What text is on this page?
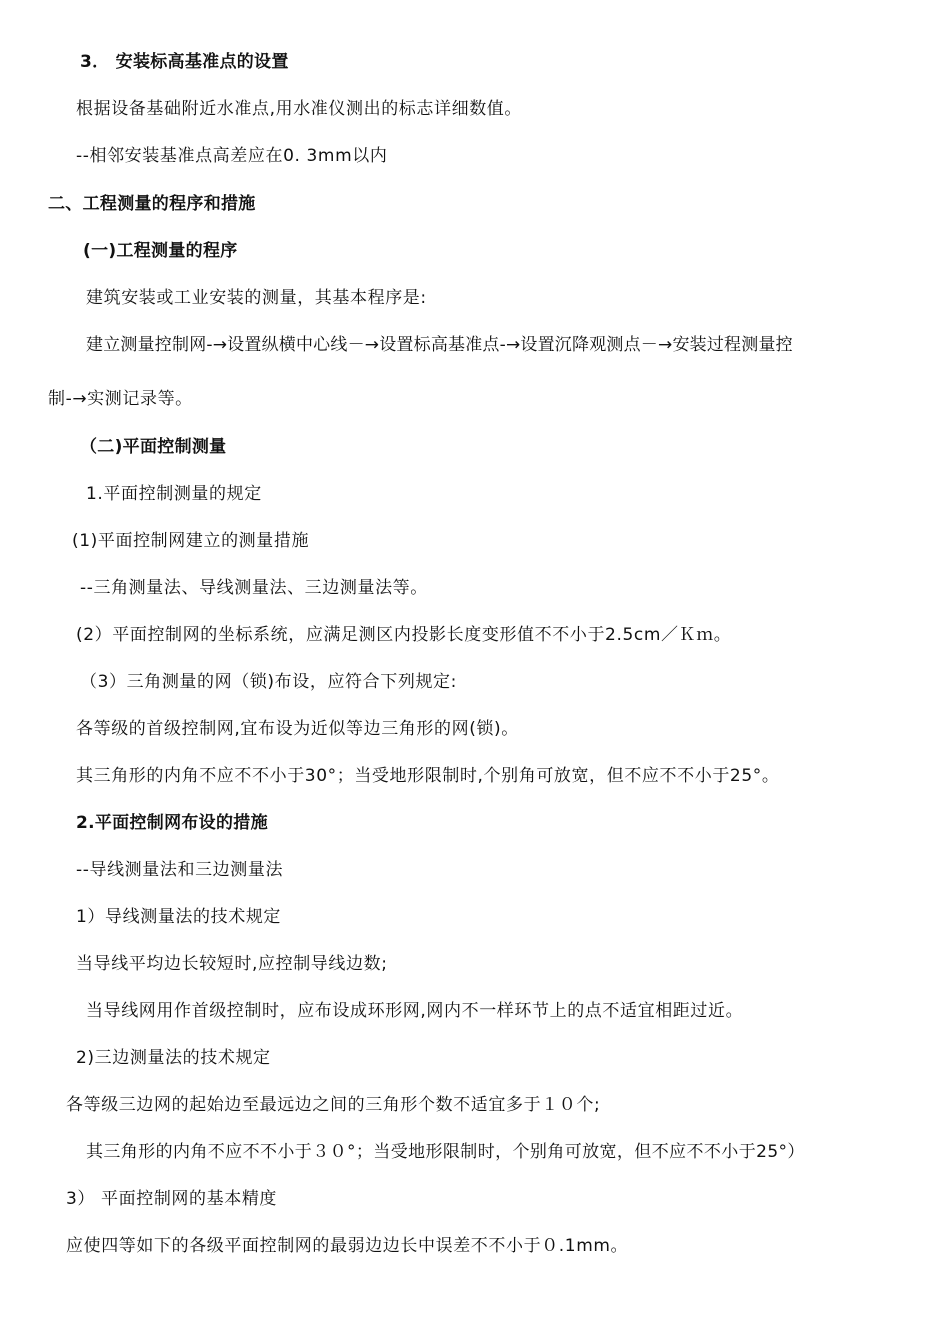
3． 安装标高基准点的设置
根据设备基础附近水准点,用水准仪测出的标志详细数值。
--相邻安装基准点高差应在0. 3mm以内
二、工程测量的程序和措施
(一)工程测量的程序
建筑安装或工业安装的测量，其基本程序是:
建立测量控制网-→设置纵横中心线－→设置标高基准点-→设置沉降观测点－→安装过程测量控
制-→实测记录等。
（二)平面控制测量
1.平面控制测量的规定
(1)平面控制网建立的测量措施
--三角测量法、导线测量法、三边测量法等。
(2）平面控制网的坐标系统，应满足测区内投影长度变形值不不小于2.5cm／Ｋｍ。
（3）三角测量的网（锁)布设，应符合下列规定:
各等级的首级控制网,宜布设为近似等边三角形的网(锁)。
其三角形的内角不应不不小于30°；当受地形限制时,个别角可放宽，但不应不不小于25°。
2.平面控制网布设的措施
--导线测量法和三边测量法
1）导线测量法的技术规定
当导线平均边长较短时,应控制导线边数;
当导线网用作首级控制时，应布设成环形网,网内不一样环节上的点不适宜相距过近。
2)三边测量法的技术规定
各等级三边网的起始边至最远边之间的三角形个数不适宜多于１０个;
其三角形的内角不应不不小于３０°；当受地形限制时，个别角可放宽，但不应不不小于25°）
3） 平面控制网的基本精度
应使四等如下的各级平面控制网的最弱边边长中误差不不小于０.1mm。
